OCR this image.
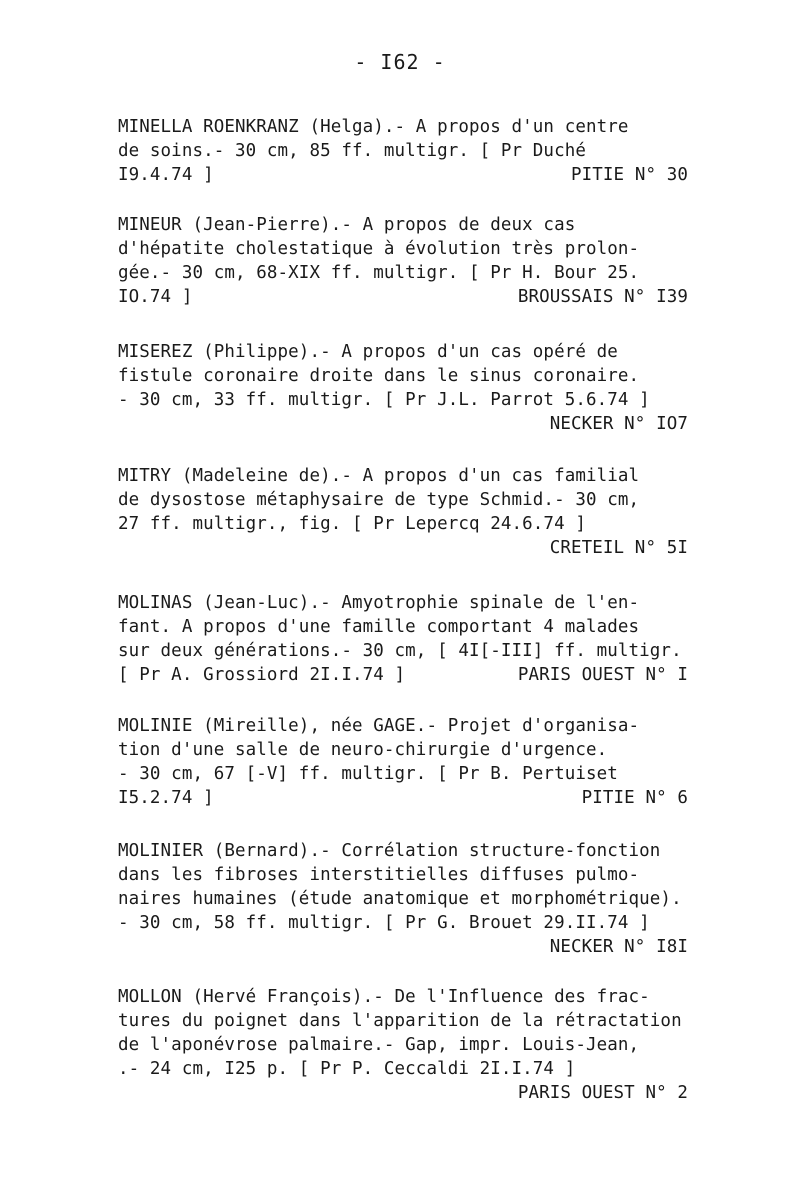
- I62 -
MINELLA ROENKRANZ (Helga).- A propos d'un centre
de soins.- 30 cm, 85 ff. multigr. [ Pr Duché
I9.4.74 ]	PITIE N° 30
MINEUR (Jean-Pierre).- A propos de deux cas
d'hépatite cholestatique à évolution très prolon-
gée.- 30 cm, 68-XIX ff. multigr. [ Pr H. Bour 25.
IO.74 ]	BROUSSAIS N° I39
MISEREZ (Philippe).- A propos d'un cas opéré de
fistule coronaire droite dans le sinus coronaire.
- 30 cm, 33 ff. multigr. [ Pr J.L. Parrot 5.6.74 ]
NECKER N° IO7
MITRY (Madeleine de).- A propos d'un cas familial
de dysostose métaphysaire de type Schmid.- 30 cm,
27 ff. multigr., fig. [ Pr Lepercq 24.6.74 ]
CRETEIL N° 5I
MOLINAS (Jean-Luc).- Amyotrophie spinale de l'en-
fant. A propos d'une famille comportant 4 malades
sur deux générations.- 30 cm, [ 4I[-III] ff. multigr.
[ Pr A. Grossiord 2I.I.74 ]	PARIS OUEST N° I
MOLINIE (Mireille), née GAGE.- Projet d'organisa-
tion d'une salle de neuro-chirurgie d'urgence.
- 30 cm, 67 [-V] ff. multigr. [ Pr B. Pertuiset
I5.2.74 ]	PITIE N° 6
MOLINIER (Bernard).- Corrélation structure-fonction
dans les fibroses interstitielles diffuses pulmo-
naires humaines (étude anatomique et morphométrique).
- 30 cm, 58 ff. multigr. [ Pr G. Brouet 29.II.74 ]
NECKER N° I8I
MOLLON (Hervé François).- De l'Influence des frac-
tures du poignet dans l'apparition de la rétractation
de l'aponévrose palmaire.- Gap, impr. Louis-Jean,
.- 24 cm, I25 p. [ Pr P. Ceccaldi 2I.I.74 ]
PARIS OUEST N° 2
